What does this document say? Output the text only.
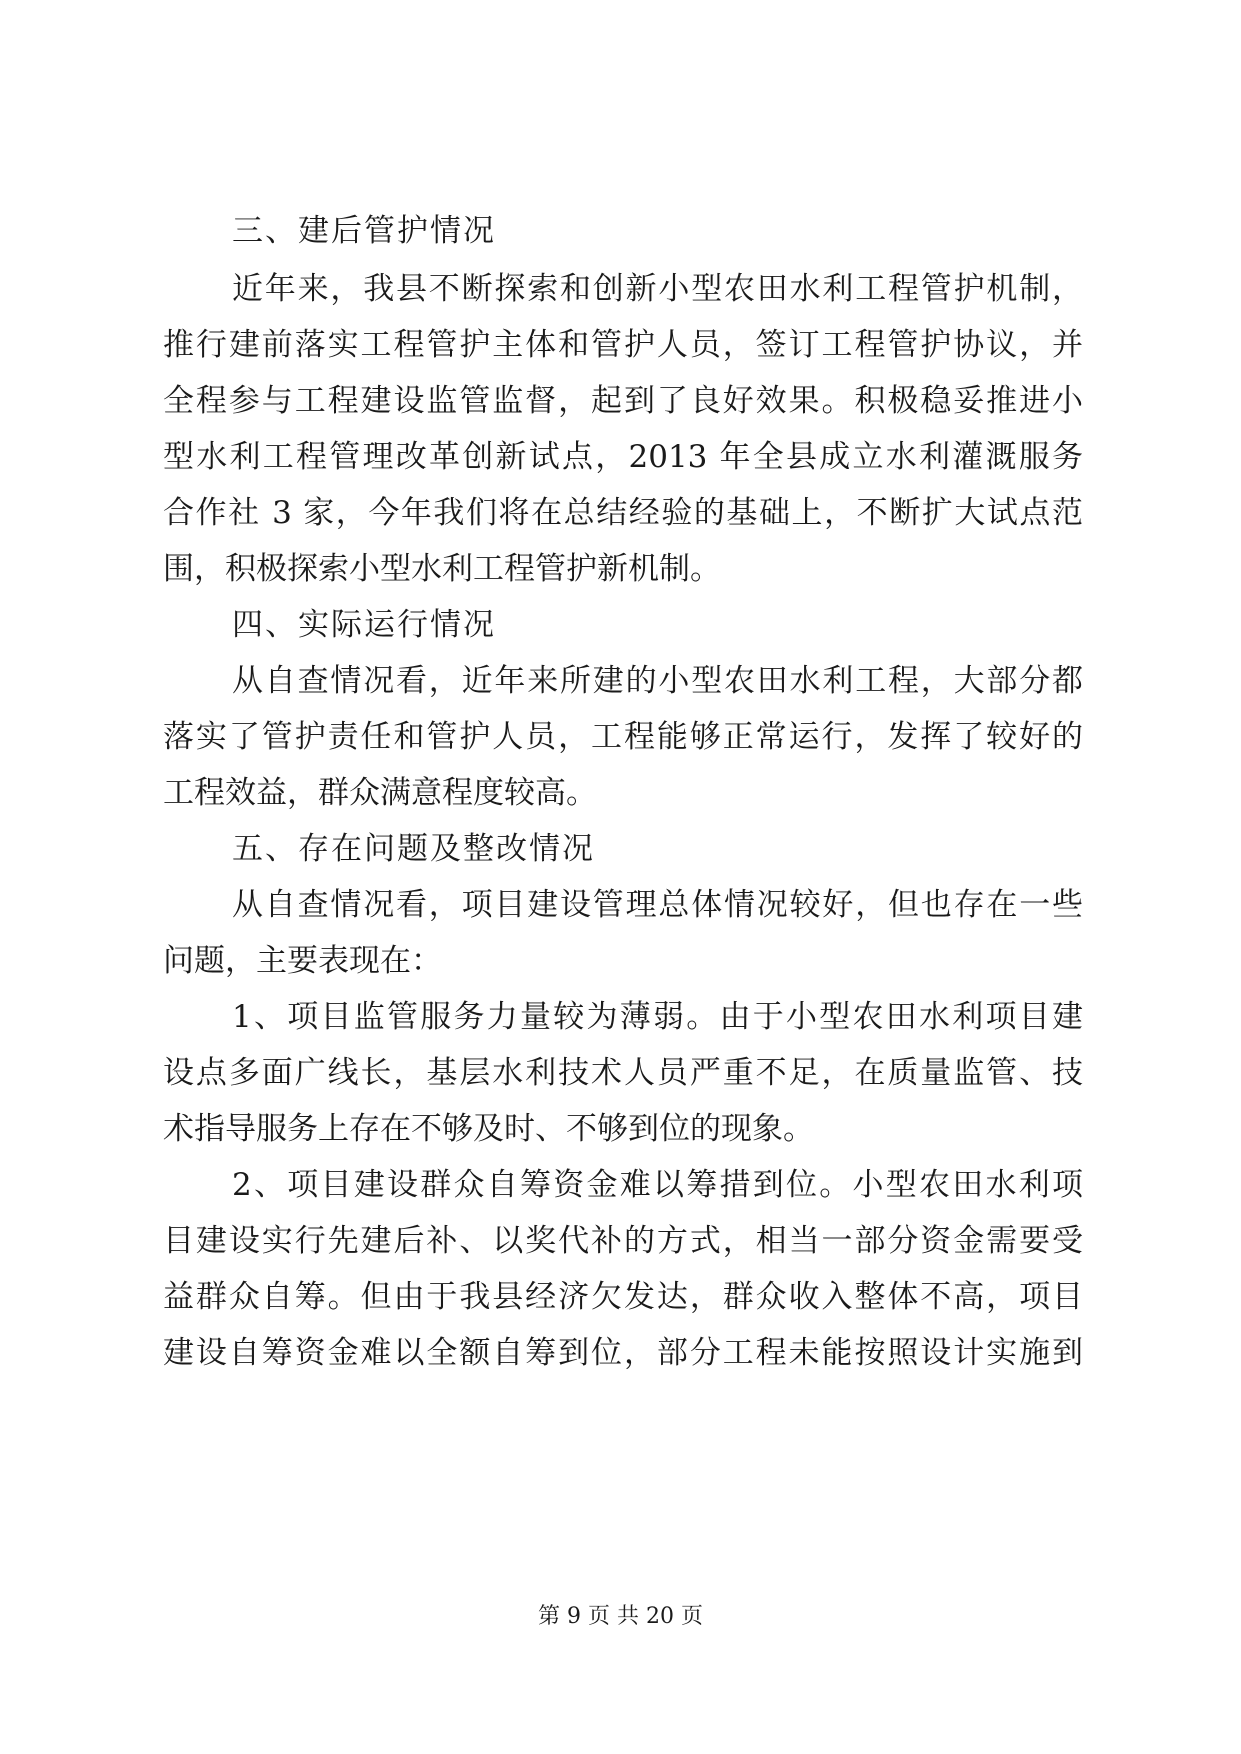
三、建后管护情况
近年来，我县不断探索和创新小型农田水利工程管护机制，
推行建前落实工程管护主体和管护人员，签订工程管护协议，并
全程参与工程建设监管监督，起到了良好效果。积极稳妥推进小
型水利工程管理改革创新试点，2013 年全县成立水利灌溉服务
合作社 3 家，今年我们将在总结经验的基础上，不断扩大试点范
围，积极探索小型水利工程管护新机制。
四、实际运行情况
从自查情况看，近年来所建的小型农田水利工程，大部分都
落实了管护责任和管护人员，工程能够正常运行，发挥了较好的
工程效益，群众满意程度较高。
五、存在问题及整改情况
从自查情况看，项目建设管理总体情况较好，但也存在一些
问题，主要表现在：
1、项目监管服务力量较为薄弱。由于小型农田水利项目建
设点多面广线长，基层水利技术人员严重不足，在质量监管、技
术指导服务上存在不够及时、不够到位的现象。
2、项目建设群众自筹资金难以筹措到位。小型农田水利项
目建设实行先建后补、以奖代补的方式，相当一部分资金需要受
益群众自筹。但由于我县经济欠发达，群众收入整体不高，项目
建设自筹资金难以全额自筹到位，部分工程未能按照设计实施到
第 9 页 共 20 页
